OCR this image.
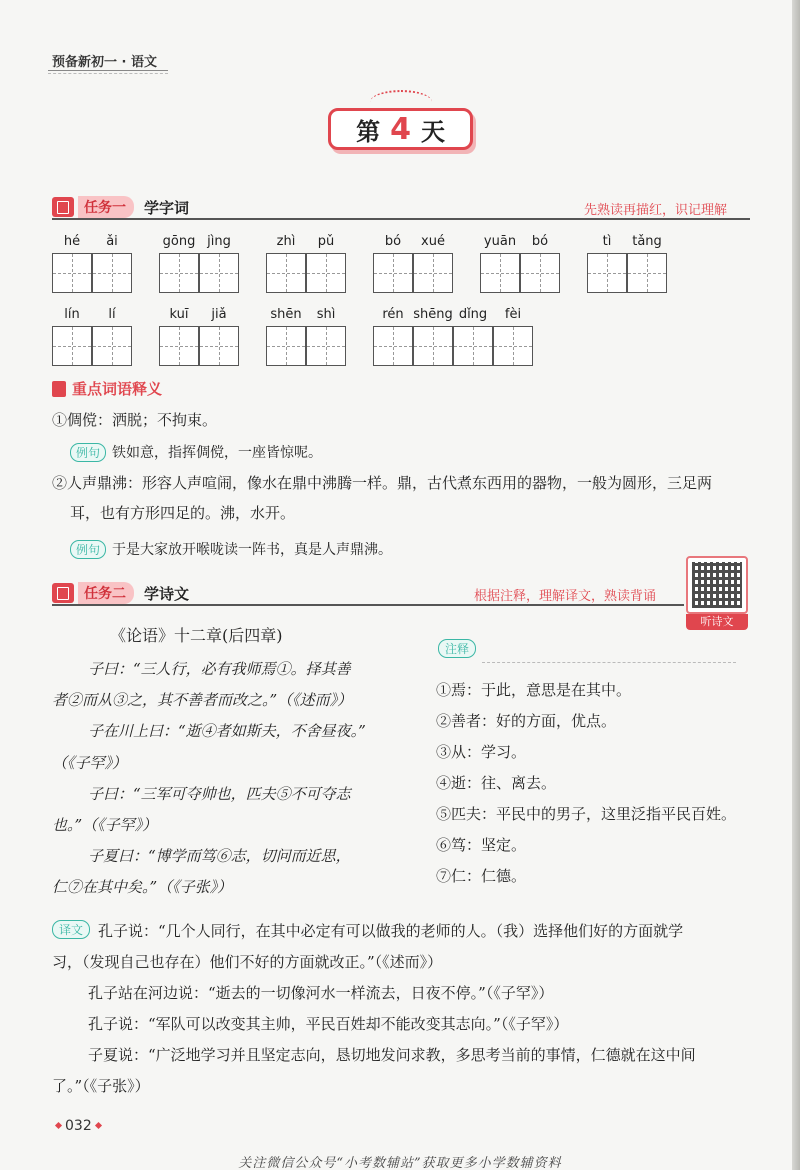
预备新初一 · 语文
第 4 天
任务一	学字词	先熟读再描红，识记理解
hé	ǎi	gōng jìng	zhì	pǔ	bó	xué	yuān	bó	tì	tǎng
lín	lí	kuī	jiǎ	shēn	shì	rén shēng dǐng	fèi
重点词语释义
①倜傥：洒脱；不拘束。
例句 铁如意，指挥倜傥，一座皆惊呢。
②人声鼎沸：形容人声喧闹，像水在鼎中沸腾一样。鼎，古代煮东西用的器物，一般为圆形，三足两
耳，也有方形四足的。沸，水开。
例句 于是大家放开喉咙读一阵书，真是人声鼎沸。
任务二	学诗文	根据注释，理解译文，熟读背诵
听诗文
《论语》十二章(后四章)

子曰：“三人行，必有我师焉①。择其善

者②而从③之，其不善者而改之。”（《述而》）

子在川上曰：“逝④者如斯夫，不舍昼夜。”

（《子罕》）

子曰：“三军可夺帅也，匹夫⑤不可夺志

也。”（《子罕》）

子夏曰：“博学而笃⑥志，切问而近思，

仁⑦在其中矣。”（《子张》）

注释
①焉：于此，意思是在其中。
②善者：好的方面，优点。
③从：学习。
④逝：往、离去。
⑤匹夫：平民中的男子，这里泛指平民百姓。
⑥笃：坚定。
⑦仁：仁德。

孔子说：“几个人同行，在其中必定有可以做我的老师的人。（我）选择他们好的方面就学

习，（发现自己也存在）他们不好的方面就改正。”（《述而》）

孔子站在河边说：“逝去的一切像河水一样流去，日夜不停。”（《子罕》）

孔子说：“军队可以改变其主帅，平民百姓却不能改变其志向。”（《子罕》）

子夏说：“广泛地学习并且坚定志向，恳切地发问求教，多思考当前的事情，仁德就在这中间

了。”（《子张》）

译文
032
关注微信公众号“小考数辅站”获取更多小学数辅资料
